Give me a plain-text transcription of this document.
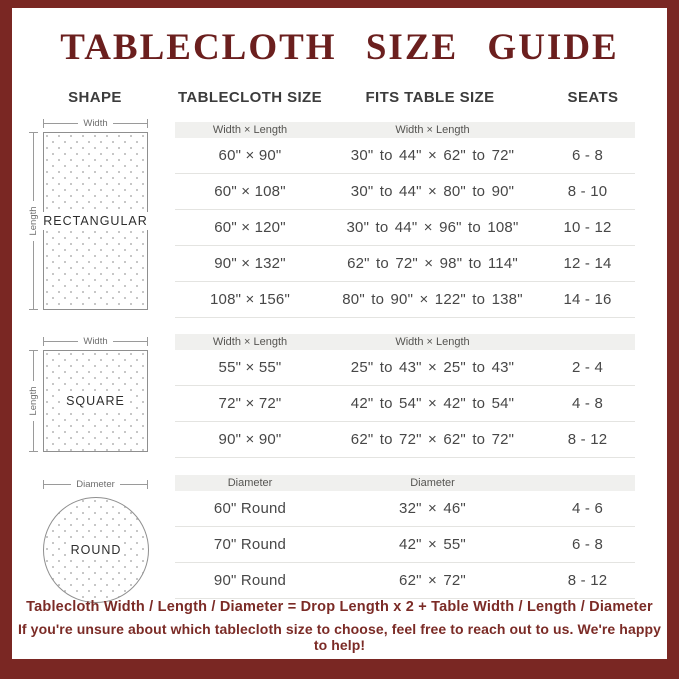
TABLECLOTH SIZE GUIDE
SHAPE	TABLECLOTH SIZE	FITS TABLE SIZE	SEATS
Width
Length RECTANGULAR
Width
Length SQUARE
Diameter
ROUND
Width × Length	Width × Length
60" × 90"	30" to 44" × 62" to 72"	6 - 8
60" × 108"	30" to 44" × 80" to 90"	8 - 10
60" × 120"	30" to 44" × 96" to 108"	10 - 12
90" × 132"	62" to 72" × 98" to 114"	12 - 14
108" × 156"	80" to 90" × 122" to 138"	14 - 16
Width × Length	Width × Length
55" × 55"	25" to 43" × 25" to 43"	2 - 4
72" × 72"	42" to 54" × 42" to 54"	4 - 8
90" × 90"	62" to 72" × 62" to 72"	8 - 12
Diameter	Diameter
60" Round	32" × 46"	4 - 6
70" Round	42" × 55"	6 - 8
90" Round	62" × 72"	8 - 12
Tablecloth Width / Length / Diameter = Drop Length x 2 + Table Width / Length / Diameter
If you're unsure about which tablecloth size to choose, feel free to reach out to us. We're happy to help!
